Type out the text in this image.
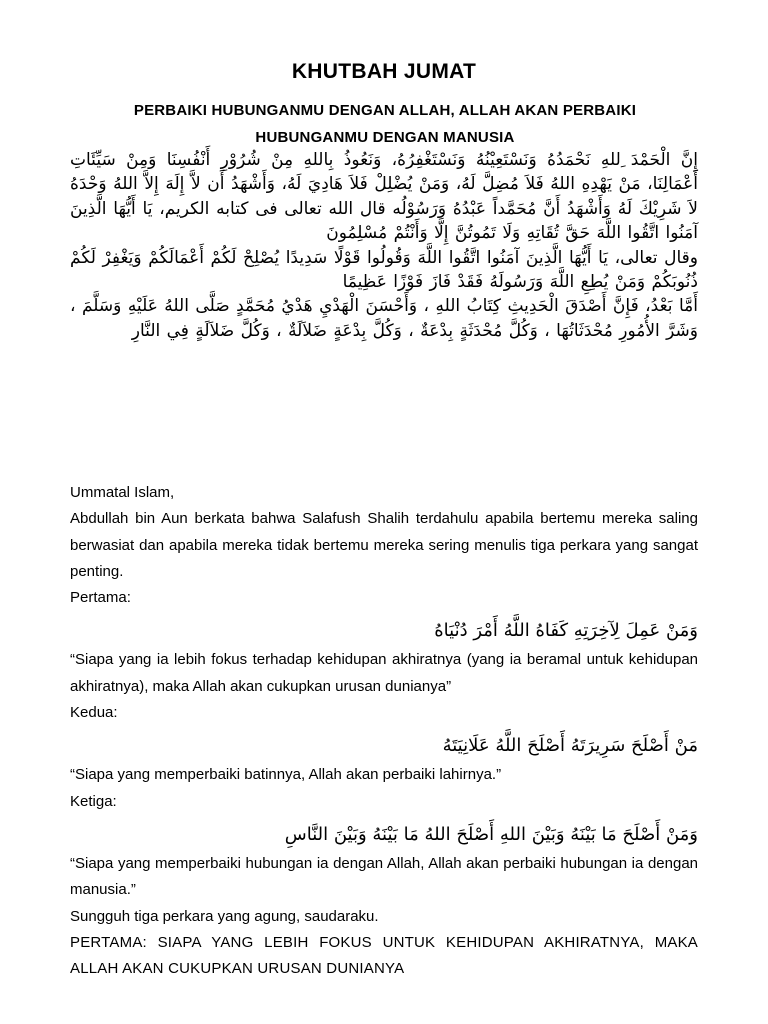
KHUTBAH JUMAT
PERBAIKI HUBUNGANMU DENGAN ALLAH, ALLAH AKAN PERBAIKI
HUBUNGANMU DENGAN MANUSIA

إِنَّ الْحَمْدَ ِللهِ نَحْمَدُهُ وَنَسْتَعِيْنُهُ وَنَسْتَغْفِرُهُ، وَنَعُوذُ بِاللهِ مِنْ شُرُوْرِ أَنْفُسِنَا وَمِنْ سَيِّئَاتِ أَعْمَالِنَا، مَنْ يَهْدِهِ اللهُ فَلاَ مُضِلَّ لَهُ، وَمَنْ يُضْلِلْ فَلاَ هَادِيَ لَهُ، وَأَشْهَدُ أَن لاَّ إِلَهَ إِلاَّ اللهُ وَحْدَهُ لاَ شَرِيْكَ لَهُ وَأَشْهَدُ أَنَّ مُحَمَّداً عَبْدُهُ وَرَسُوْلُه قال الله تعالى فى كتابه الكريم، يَا أَيُّهَا الَّذِينَ آمَنُوا اتَّقُوا اللَّهَ حَقَّ تُقَاتِهِ وَلَا تَمُوتُنَّ إِلَّا وَأَنْتُمْ مُسْلِمُونَ

وقال تعالى، يَا أَيُّهَا الَّذِينَ آمَنُوا اتَّقُوا اللَّهَ وَقُولُوا قَوْلًا سَدِيدًا يُصْلِحْ لَكُمْ أَعْمَالَكُمْ وَيَغْفِرْ لَكُمْ ذُنُوبَكُمْ وَمَنْ يُطِعِ اللَّهَ وَرَسُولَهُ فَقَدْ فَازَ فَوْزًا عَظِيمًا

أَمَّا بَعْدُ، فَإِنَّ أَصْدَقَ الْحَدِيثِ كِتَابُ اللهِ ، وَأَحْسَنَ الْهَدْيِ هَدْيُ مُحَمَّدٍ صَلَّى اللهُ عَلَيْهِ وَسَلَّمَ ، وَشَرَّ الأُمُورِ مُحْدَثَاتُهَا ، وَكُلَّ مُحْدَثَةٍ بِدْعَةٌ ، وَكُلَّ بِدْعَةٍ ضَلاَلَةٌ ، وَكُلَّ ضَلاَلَةٍ فِي النَّارِ

Ummatal Islam,

Abdullah bin Aun berkata bahwa Salafush Shalih terdahulu apabila bertemu mereka saling berwasiat dan apabila mereka tidak bertemu mereka sering menulis tiga perkara yang sangat penting.

Pertama:

وَمَنْ عَمِلَ لِآخِرَتِهِ كَفَاهُ اللَّهُ أَمْرَ دُنْيَاهُ

“Siapa yang ia lebih fokus terhadap kehidupan akhiratnya (yang ia beramal untuk kehidupan akhiratnya), maka Allah akan cukupkan urusan dunianya”

Kedua:

مَنْ أَصْلَحَ سَرِيرَتَهُ أَصْلَحَ اللَّهُ عَلَانِيَتَهُ

“Siapa yang memperbaiki batinnya, Allah akan perbaiki lahirnya.”

Ketiga:

وَمَنْ أَصْلَحَ مَا بَيْنَهُ وَبَيْنَ اللهِ أَصْلَحَ اللهُ مَا بَيْنَهُ وَبَيْنَ النَّاسِ

“Siapa yang memperbaiki hubungan ia dengan Allah, Allah akan perbaiki hubungan ia dengan manusia.”

Sungguh tiga perkara yang agung, saudaraku.

PERTAMA: SIAPA YANG LEBIH FOKUS UNTUK KEHIDUPAN AKHIRATNYA, MAKA ALLAH AKAN CUKUPKAN URUSAN DUNIANYA
